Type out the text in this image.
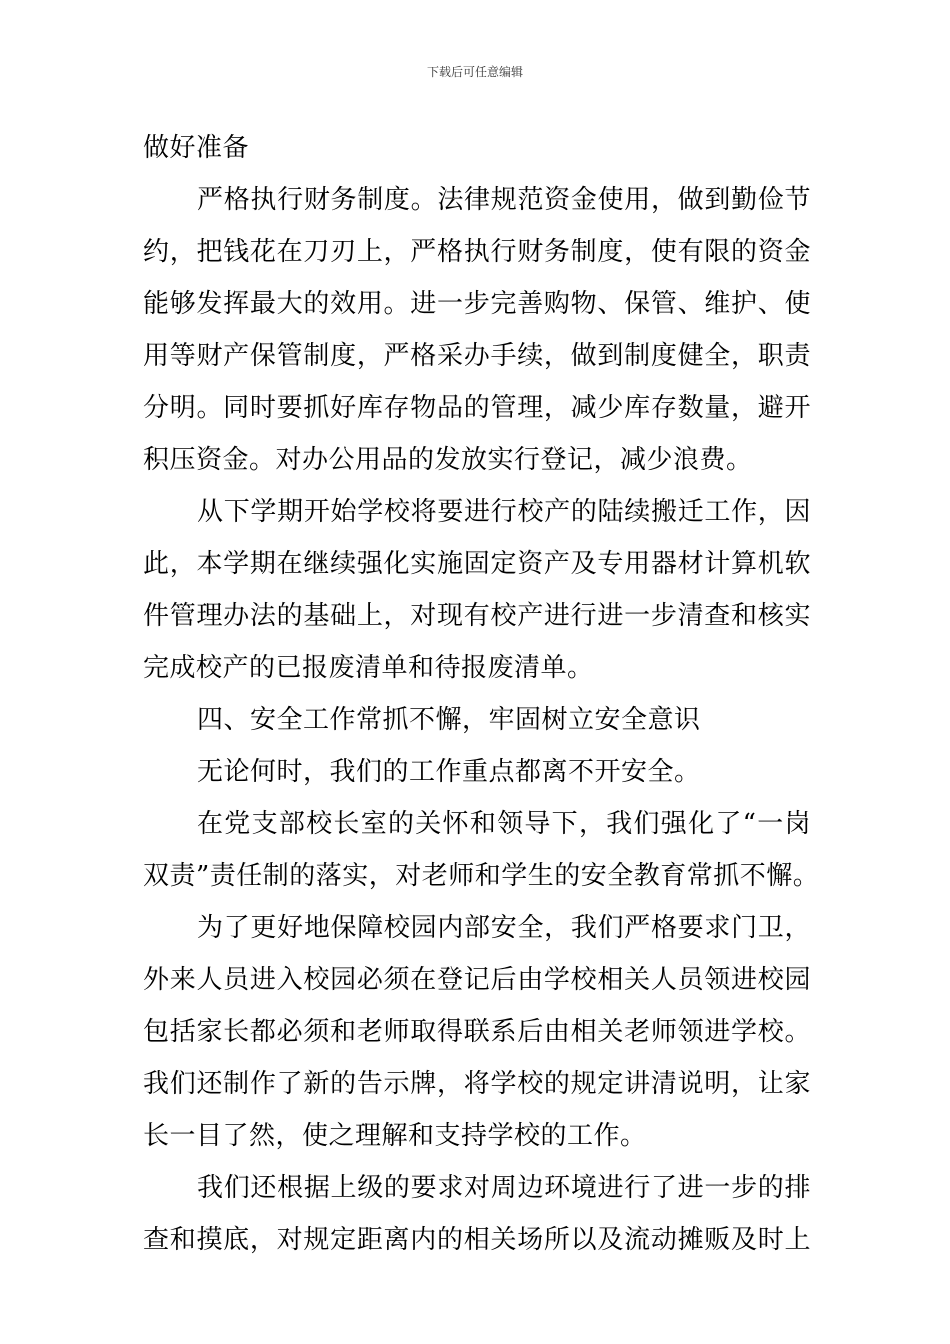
下载后可任意编辑
做好准备
严格执行财务制度。法律规范资金使用，做到勤俭节
约，把钱花在刀刃上，严格执行财务制度，使有限的资金
能够发挥最大的效用。进一步完善购物、保管、维护、使
用等财产保管制度，严格采办手续，做到制度健全，职责
分明。同时要抓好库存物品的管理，减少库存数量，避开
积压资金。对办公用品的发放实行登记，减少浪费。
从下学期开始学校将要进行校产的陆续搬迁工作，因
此，本学期在继续强化实施固定资产及专用器材计算机软
件管理办法的基础上，对现有校产进行进一步清查和核实
完成校产的已报废清单和待报废清单。
四、安全工作常抓不懈，牢固树立安全意识
无论何时，我们的工作重点都离不开安全。
在党支部校长室的关怀和领导下，我们强化了“一岗
双责”责任制的落实，对老师和学生的安全教育常抓不懈。
为了更好地保障校园内部安全，我们严格要求门卫，
外来人员进入校园必须在登记后由学校相关人员领进校园
包括家长都必须和老师取得联系后由相关老师领进学校。
我们还制作了新的告示牌，将学校的规定讲清说明，让家
长一目了然，使之理解和支持学校的工作。
我们还根据上级的要求对周边环境进行了进一步的排
查和摸底，对规定距离内的相关场所以及流动摊贩及时上
